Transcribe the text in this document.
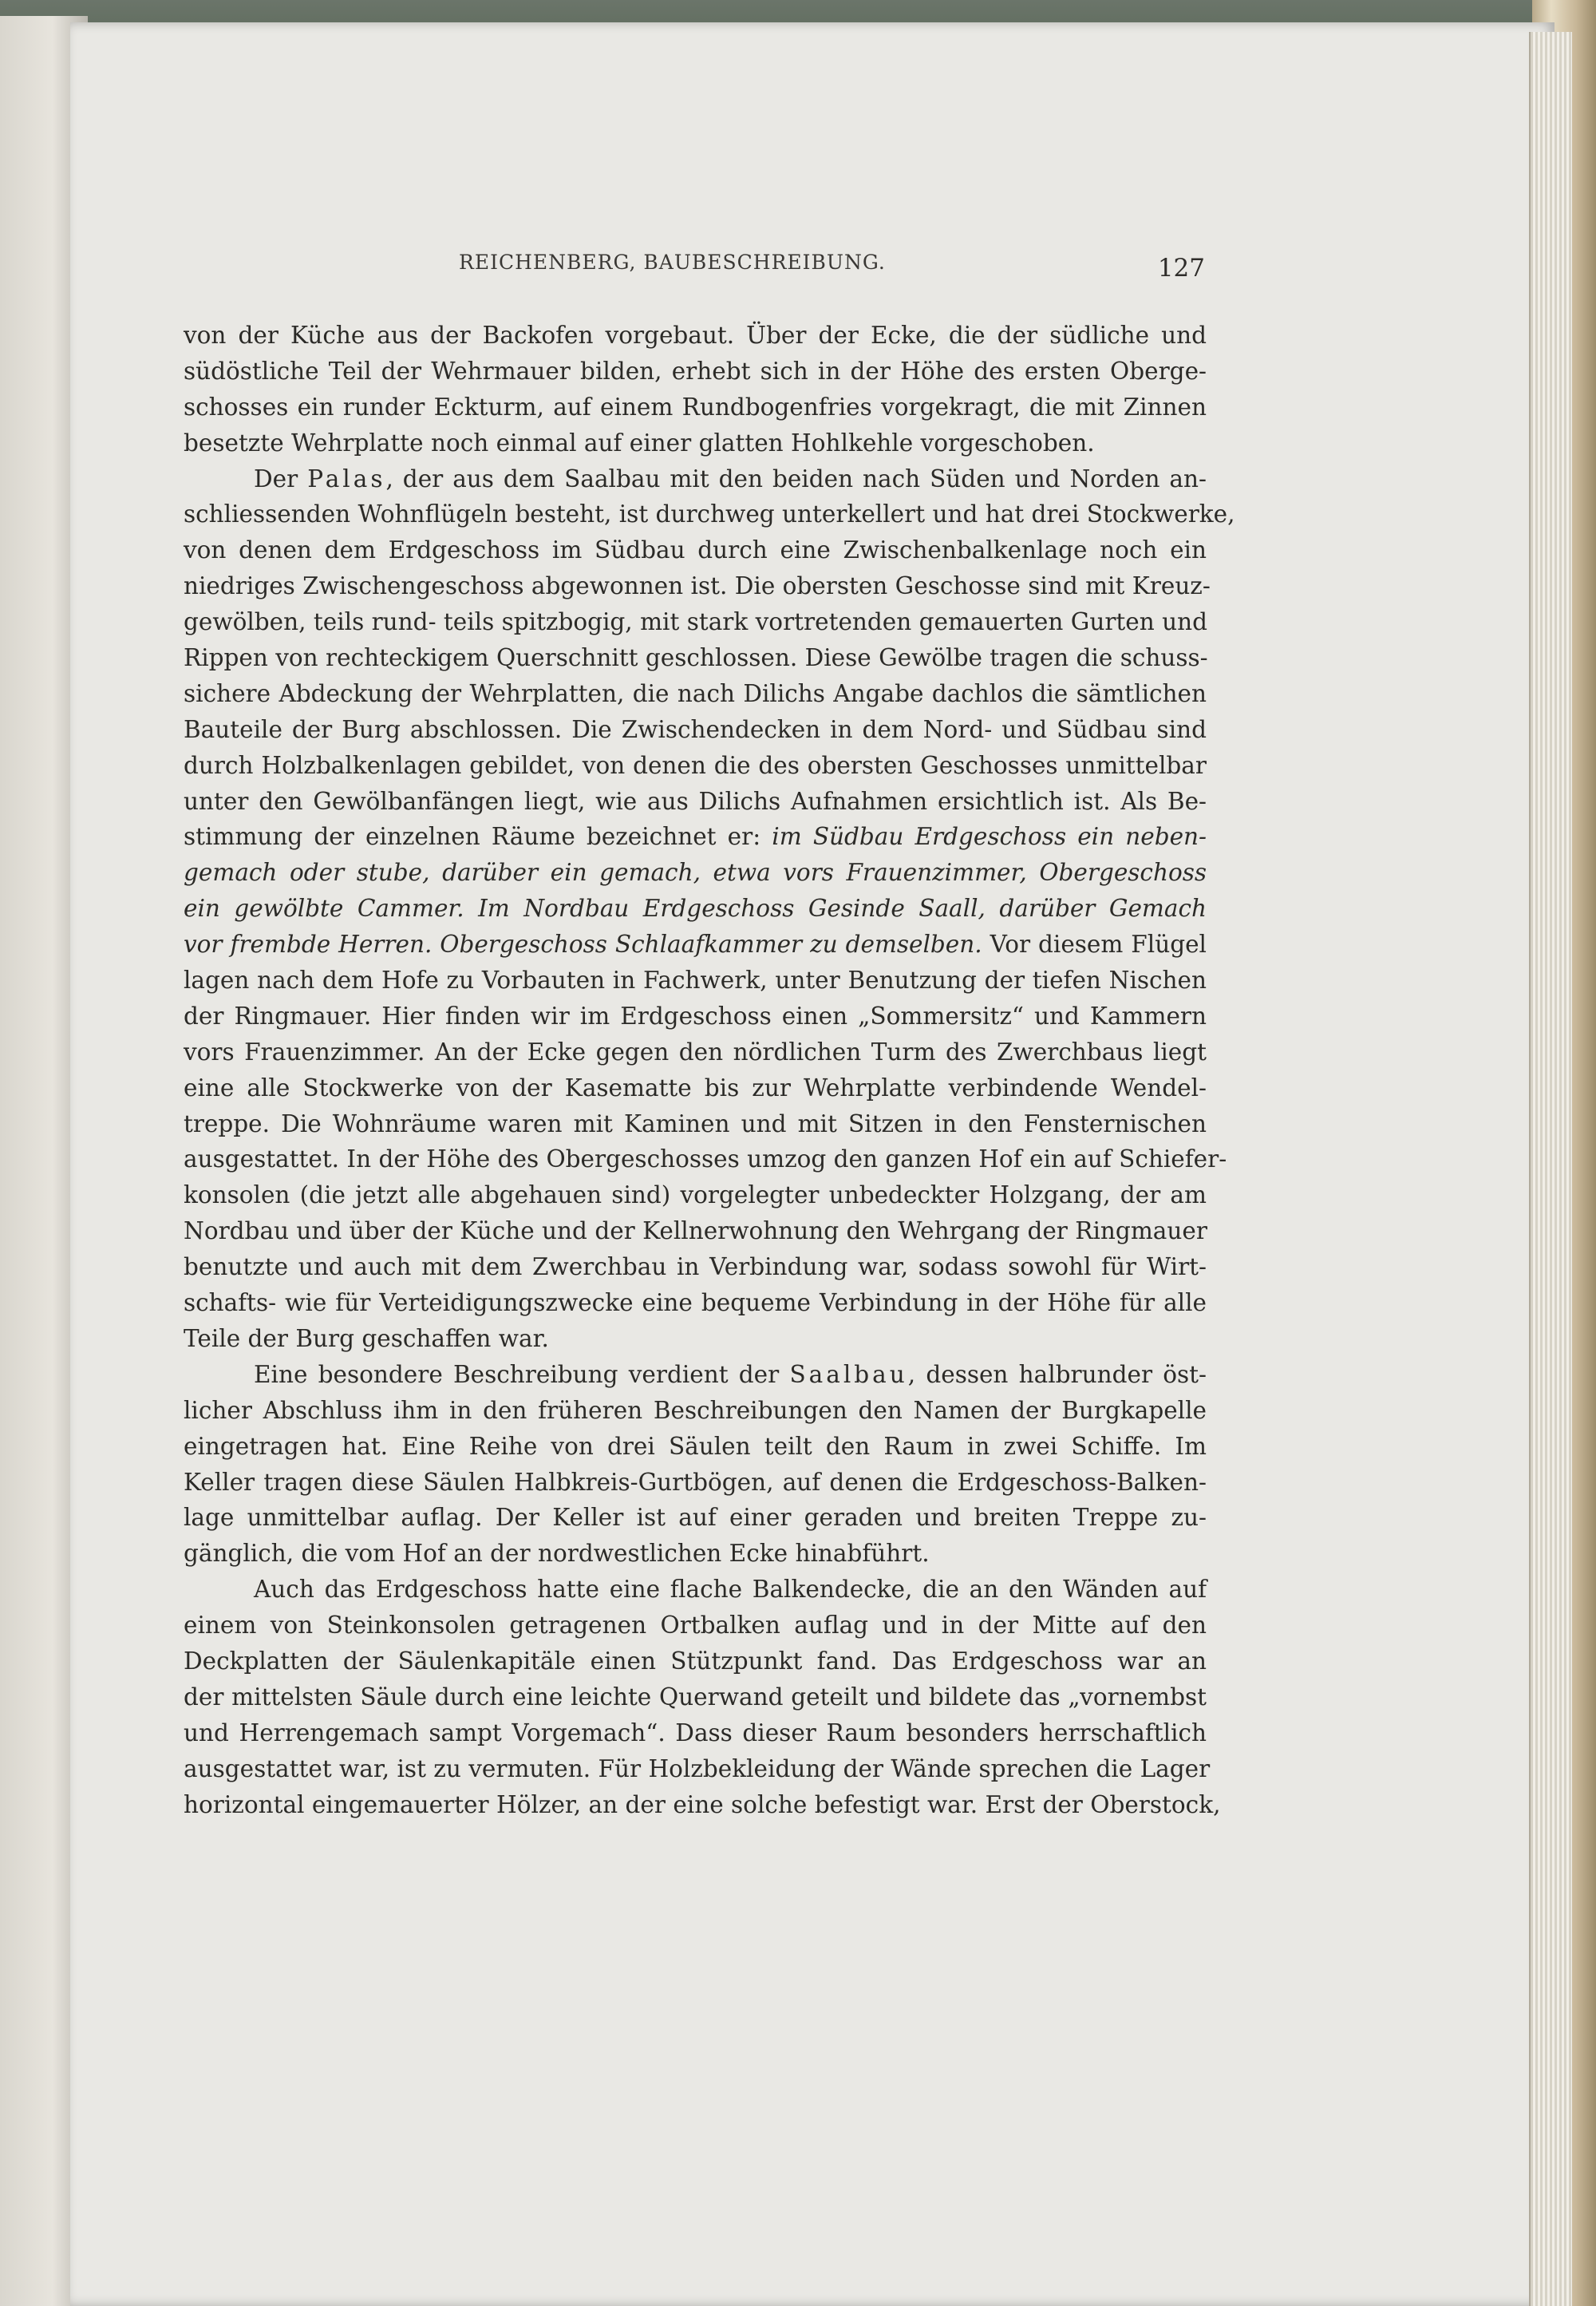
REICHENBERG, BAUBESCHREIBUNG.	127
von der Küche aus der Backofen vorgebaut. Über der Ecke, die der südliche und
südöstliche Teil der Wehrmauer bilden, erhebt sich in der Höhe des ersten Oberge-
schosses ein runder Eckturm, auf einem Rundbogenfries vorgekragt, die mit Zinnen
besetzte Wehrplatte noch einmal auf einer glatten Hohlkehle vorgeschoben.
Der Palas, der aus dem Saalbau mit den beiden nach Süden und Norden an-
schliessenden Wohnflügeln besteht, ist durchweg unterkellert und hat drei Stockwerke,
von denen dem Erdgeschoss im Südbau durch eine Zwischenbalkenlage noch ein
niedriges Zwischengeschoss abgewonnen ist. Die obersten Geschosse sind mit Kreuz-
gewölben, teils rund- teils spitzbogig, mit stark vortretenden gemauerten Gurten und
Rippen von rechteckigem Querschnitt geschlossen. Diese Gewölbe tragen die schuss-
sichere Abdeckung der Wehrplatten, die nach Dilichs Angabe dachlos die sämtlichen
Bauteile der Burg abschlossen. Die Zwischendecken in dem Nord- und Südbau sind
durch Holzbalkenlagen gebildet, von denen die des obersten Geschosses unmittelbar
unter den Gewölbanfängen liegt, wie aus Dilichs Aufnahmen ersichtlich ist. Als Be-
stimmung der einzelnen Räume bezeichnet er: im Südbau Erdgeschoss ein neben-
gemach oder stube, darüber ein gemach, etwa vors Frauenzimmer, Obergeschoss
ein gewölbte Cammer. Im Nordbau Erdgeschoss Gesinde Saall, darüber Gemach
vor frembde Herren. Obergeschoss Schlaafkammer zu demselben. Vor diesem Flügel
lagen nach dem Hofe zu Vorbauten in Fachwerk, unter Benutzung der tiefen Nischen
der Ringmauer. Hier finden wir im Erdgeschoss einen „Sommersitz“ und Kammern
vors Frauenzimmer. An der Ecke gegen den nördlichen Turm des Zwerchbaus liegt
eine alle Stockwerke von der Kasematte bis zur Wehrplatte verbindende Wendel-
treppe. Die Wohnräume waren mit Kaminen und mit Sitzen in den Fensternischen
ausgestattet. In der Höhe des Obergeschosses umzog den ganzen Hof ein auf Schiefer-
konsolen (die jetzt alle abgehauen sind) vorgelegter unbedeckter Holzgang, der am
Nordbau und über der Küche und der Kellnerwohnung den Wehrgang der Ringmauer
benutzte und auch mit dem Zwerchbau in Verbindung war, sodass sowohl für Wirt-
schafts- wie für Verteidigungszwecke eine bequeme Verbindung in der Höhe für alle
Teile der Burg geschaffen war.
Eine besondere Beschreibung verdient der Saalbau, dessen halbrunder öst-
licher Abschluss ihm in den früheren Beschreibungen den Namen der Burgkapelle
eingetragen hat. Eine Reihe von drei Säulen teilt den Raum in zwei Schiffe. Im
Keller tragen diese Säulen Halbkreis-Gurtbögen, auf denen die Erdgeschoss-Balken-
lage unmittelbar auflag. Der Keller ist auf einer geraden und breiten Treppe zu-
gänglich, die vom Hof an der nordwestlichen Ecke hinabführt.
Auch das Erdgeschoss hatte eine flache Balkendecke, die an den Wänden auf
einem von Steinkonsolen getragenen Ortbalken auflag und in der Mitte auf den
Deckplatten der Säulenkapitäle einen Stützpunkt fand. Das Erdgeschoss war an
der mittelsten Säule durch eine leichte Querwand geteilt und bildete das „vornembst
und Herrengemach sampt Vorgemach“. Dass dieser Raum besonders herrschaftlich
ausgestattet war, ist zu vermuten. Für Holzbekleidung der Wände sprechen die Lager
horizontal eingemauerter Hölzer, an der eine solche befestigt war. Erst der Oberstock,
